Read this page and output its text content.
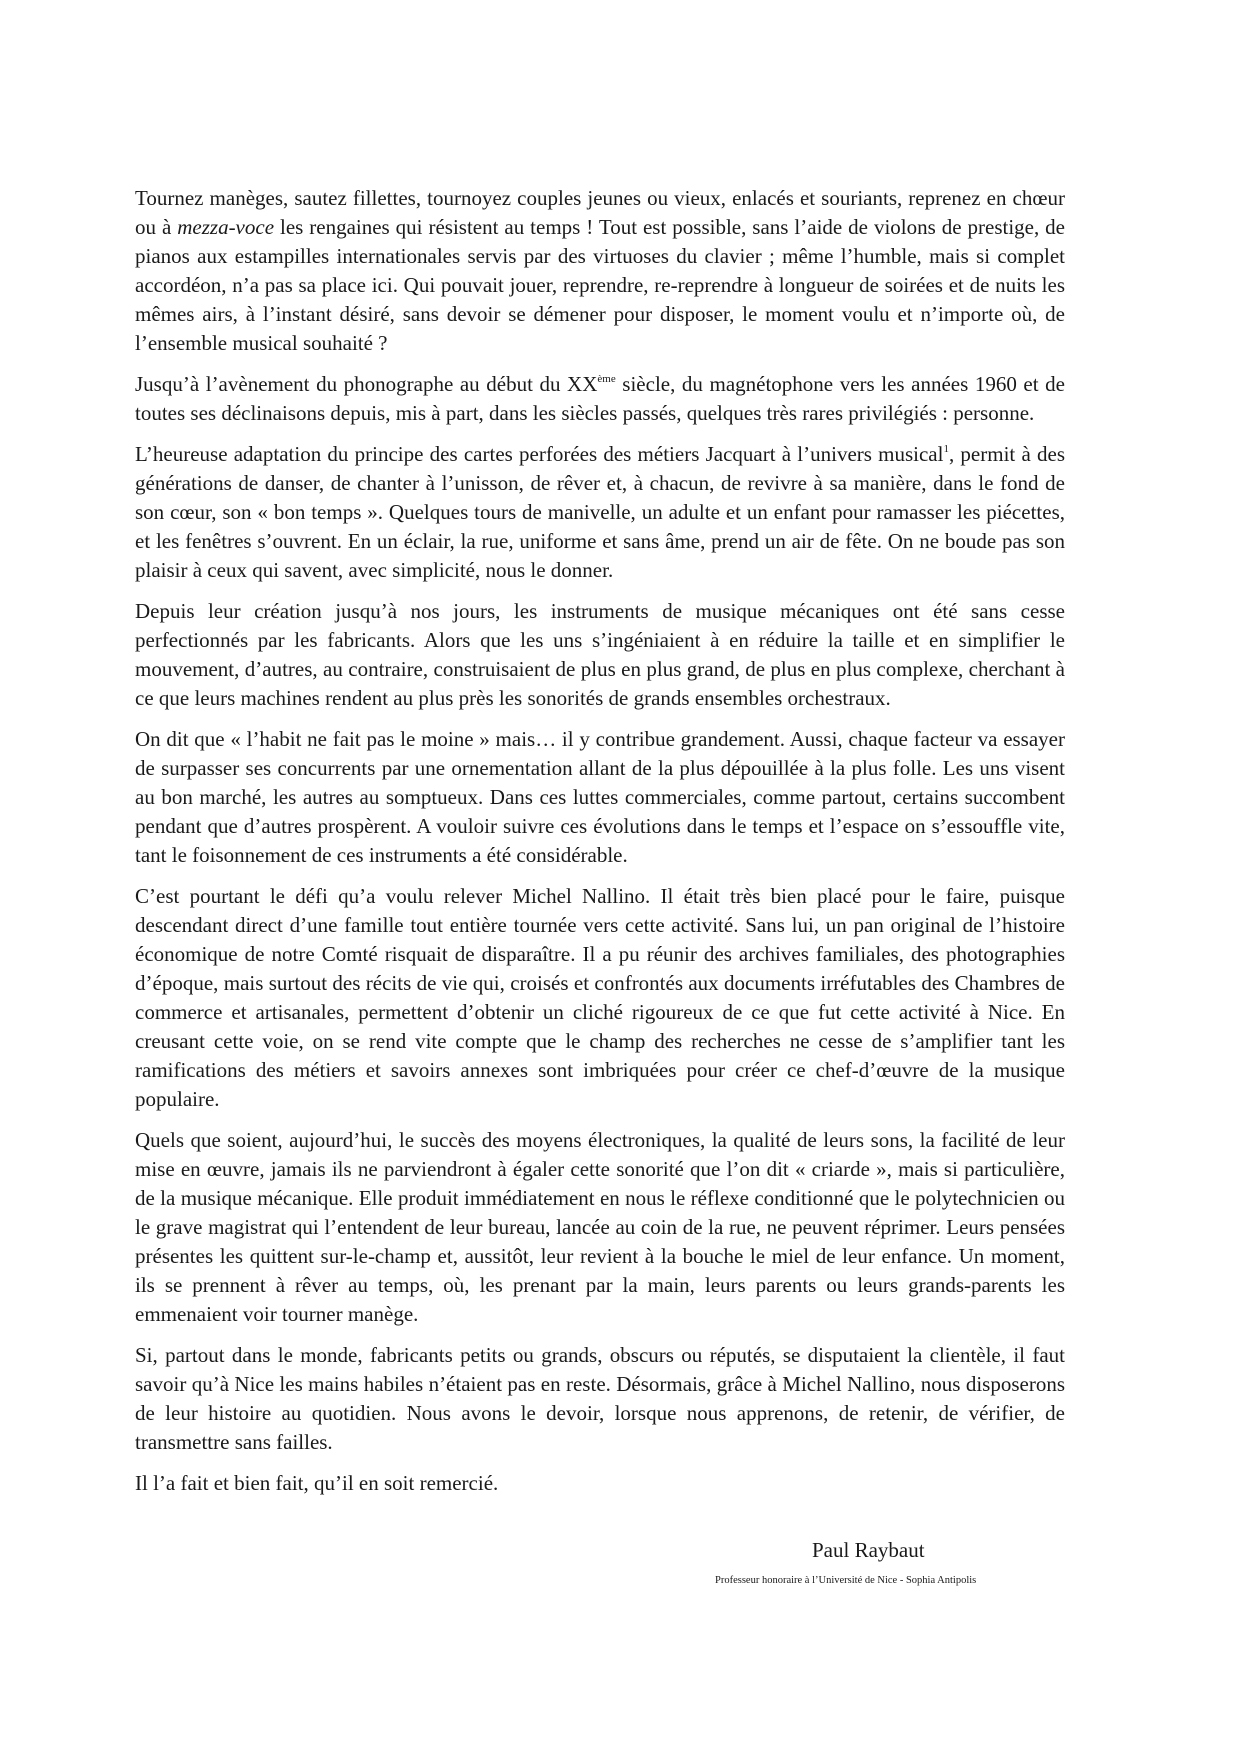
Tournez manèges, sautez fillettes, tournoyez couples jeunes ou vieux, enlacés et souriants, reprenez en chœur ou à mezza-voce les rengaines qui résistent au temps ! Tout est possible, sans l’aide de violons de prestige, de pianos aux estampilles internationales servis par des virtuoses du clavier ; même l’humble, mais si complet accordéon, n’a pas sa place ici. Qui pouvait jouer, reprendre, re-reprendre à longueur de soirées et de nuits les mêmes airs, à l’instant désiré, sans devoir se démener pour disposer, le moment voulu et n’importe où, de l’ensemble musical souhaité ?

Jusqu’à l’avènement du phonographe au début du XXème siècle, du magnétophone vers les années 1960 et de toutes ses déclinaisons depuis, mis à part, dans les siècles passés, quelques très rares privilégiés : personne.

L’heureuse adaptation du principe des cartes perforées des métiers Jacquart à l’univers musical$^1$, permit à des générations de danser, de chanter à l’unisson, de rêver et, à chacun, de revivre à sa manière, dans le fond de son cœur, son « bon temps ». Quelques tours de manivelle, un adulte et un enfant pour ramasser les piécettes, et les fenêtres s’ouvrent. En un éclair, la rue, uniforme et sans âme, prend un air de fête. On ne boude pas son plaisir à ceux qui savent, avec simplicité, nous le donner.

Depuis leur création jusqu’à nos jours, les instruments de musique mécaniques ont été sans cesse perfectionnés par les fabricants. Alors que les uns s’ingéniaient à en réduire la taille et en simplifier le mouvement, d’autres, au contraire, construisaient de plus en plus grand, de plus en plus complexe, cherchant à ce que leurs machines rendent au plus près les sonorités de grands ensembles orchestraux.

On dit que « l’habit ne fait pas le moine » mais… il y contribue grandement. Aussi, chaque facteur va essayer de surpasser ses concurrents par une ornementation allant de la plus dépouillée à la plus folle. Les uns visent au bon marché, les autres au somptueux. Dans ces luttes commerciales, comme partout, certains succombent pendant que d’autres prospèrent. A vouloir suivre ces évolutions dans le temps et l’espace on s’essouffle vite, tant le foisonnement de ces instruments a été considérable.

C’est pourtant le défi qu’a voulu relever Michel Nallino. Il était très bien placé pour le faire, puisque descendant direct d’une famille tout entière tournée vers cette activité. Sans lui, un pan original de l’histoire économique de notre Comté risquait de disparaître. Il a pu réunir des archives familiales, des photographies d’époque, mais surtout des récits de vie qui, croisés et confrontés aux documents irréfutables des Chambres de commerce et artisanales, permettent d’obtenir un cliché rigoureux de ce que fut cette activité à Nice. En creusant cette voie, on se rend vite compte que le champ des recherches ne cesse de s’amplifier tant les ramifications des métiers et savoirs annexes sont imbriquées pour créer ce chef-d’œuvre de la musique populaire.

Quels que soient, aujourd’hui, le succès des moyens électroniques, la qualité de leurs sons, la facilité de leur mise en œuvre, jamais ils ne parviendront à égaler cette sonorité que l’on dit « criarde », mais si particulière, de la musique mécanique. Elle produit immédiatement en nous le réflexe conditionné que le polytechnicien ou le grave magistrat qui l’entendent de leur bureau, lancée au coin de la rue, ne peuvent réprimer. Leurs pensées présentes les quittent sur-le-champ et, aussitôt, leur revient à la bouche le miel de leur enfance. Un moment, ils se prennent à rêver au temps, où, les prenant par la main, leurs parents ou leurs grands-parents les emmenaient voir tourner manège.

Si, partout dans le monde, fabricants petits ou grands, obscurs ou réputés, se disputaient la clientèle, il faut savoir qu’à Nice les mains habiles n’étaient pas en reste. Désormais, grâce à Michel Nallino, nous disposerons de leur histoire au quotidien. Nous avons le devoir, lorsque nous apprenons, de retenir, de vérifier, de transmettre sans failles.

Il l’a fait et bien fait, qu’il en soit remercié.

Paul Raybaut
Professeur honoraire à l’Université de Nice - Sophia Antipolis
